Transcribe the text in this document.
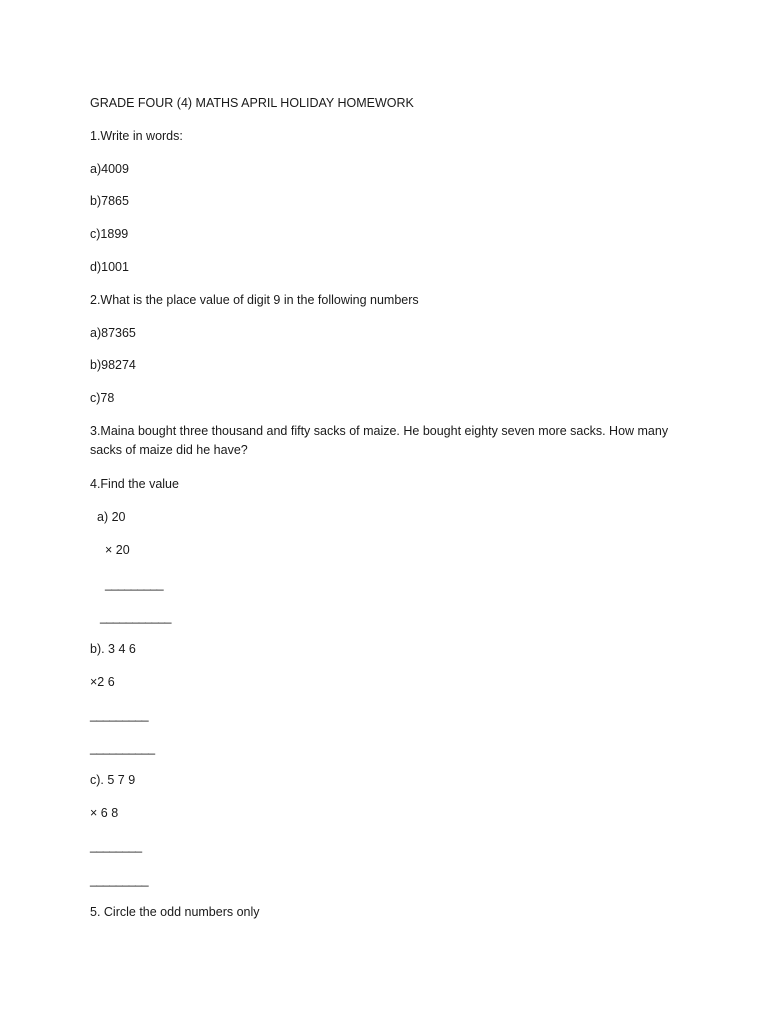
GRADE FOUR (4) MATHS APRIL HOLIDAY HOMEWORK
1.Write in words:
a)4009
b)7865
c)1899
d)1001
2.What is the place value of digit 9 in the following numbers
a)87365
b)98274
c)78
3.Maina bought three thousand and fifty sacks of maize. He bought eighty seven more sacks. How many sacks of maize did he have?
4.Find the value
a) 20
× 20
_________
___________
b). 3 4 6
×2 6
_________
__________
c). 5 7 9
× 6 8
________
_________
5. Circle the odd numbers only
